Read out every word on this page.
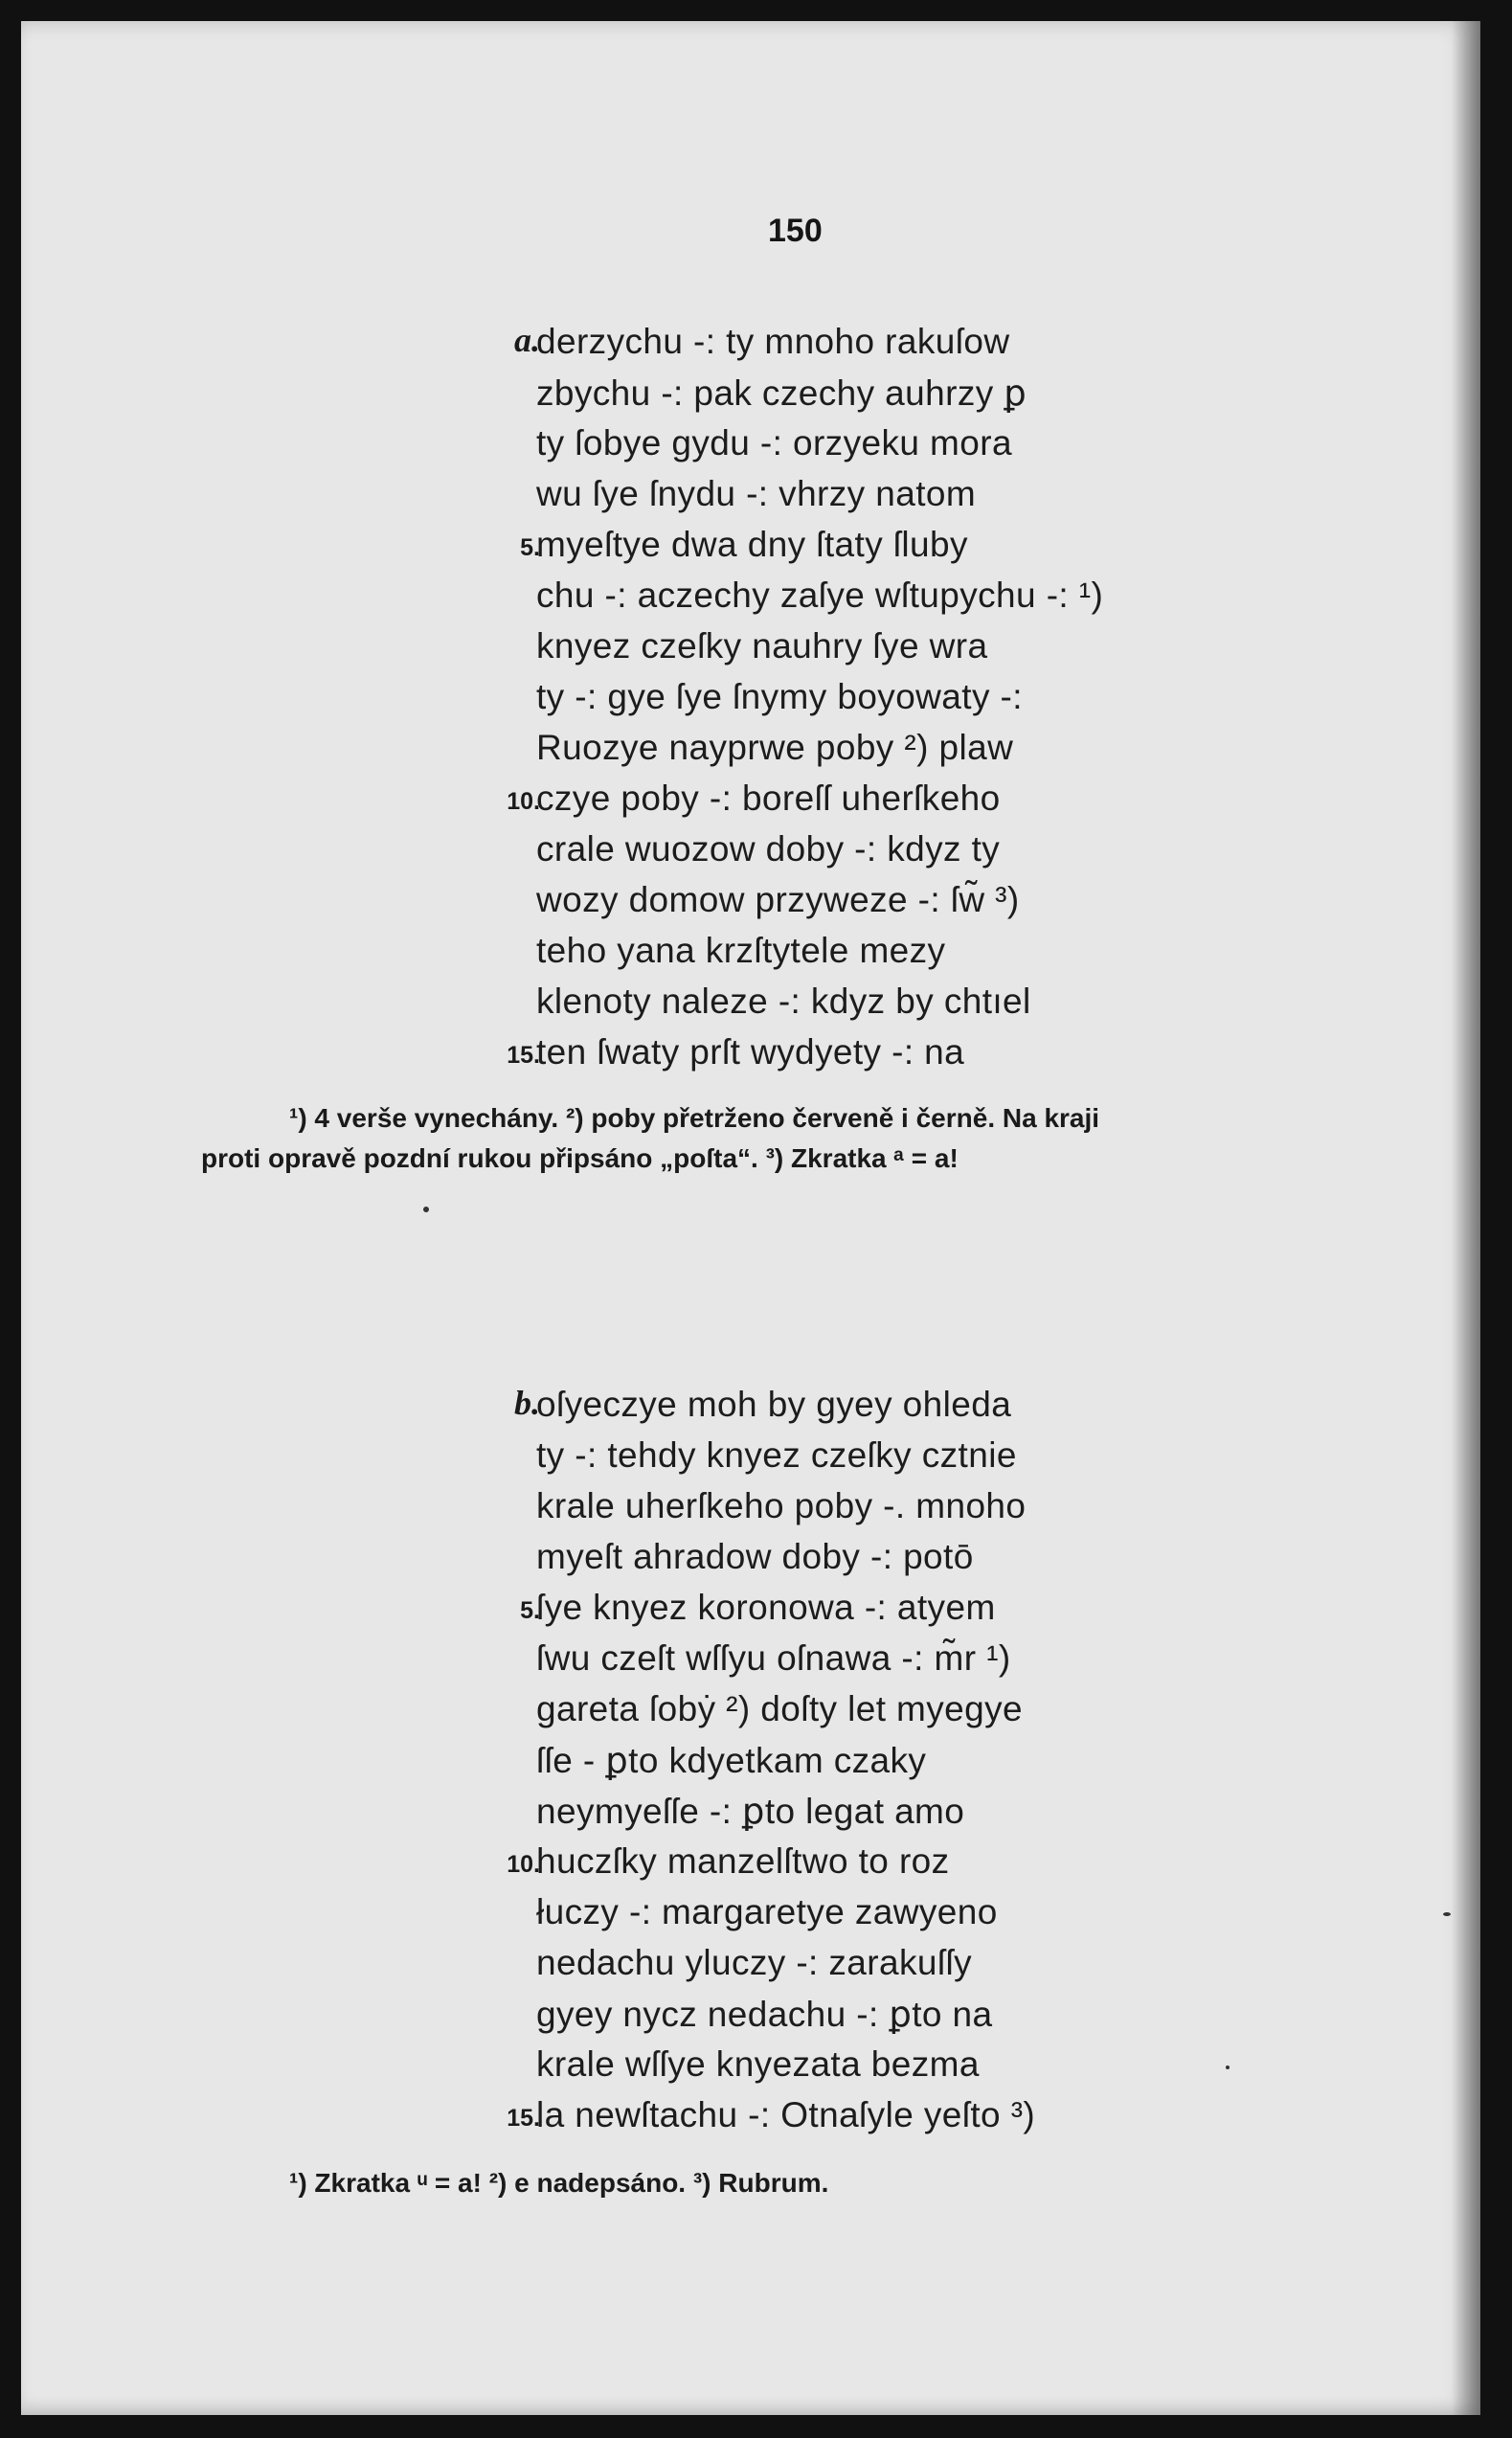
150
a.
derzychu -: ty mnoho rakuſow
zbychu -: pak czechy auhrzy ꝑ
ty ſobye gydu -: orzyeku mora
wu ſye ſnydu -: vhrzy natom
5.
myeſtye dwa dny ſtaty ſluby
chu -: aczechy zaſye wſtupychu -: ¹)
knyez czeſky nauhry ſye wra
ty -: gye ſye ſnymy boyowaty -:
Ruozye nayprwe poby ²) plaw
10.
czye poby -: boreſſ uherſkeho
crale wuozow doby -: kdyz ty
wozy domow przyweze -: ſw̃ ³)
teho yana krzſtytele mezy
klenoty naleze -: kdyz by chtıel
15.
ten ſwaty prſt wydyety -: na
¹) 4 verše vynechány. ²) poby přetrženo červeně i černě. Na kraji
proti opravě pozdní rukou připsáno „poſta“. ³) Zkratka ᵃ = a!
b.
oſyeczye moh by gyey ohleda
ty -: tehdy knyez czeſky cztnie
krale uherſkeho poby -. mnoho
myeſt ahradow doby -: potō
5.
ſye knyez koronowa -: atyem
ſwu czeſt wſſyu oſnawa -: m̃r ¹)
gareta ſobẏ ²) doſty let myegye
ſſe - ꝑto kdyetkam czaky
neymyeſſe -: ꝑto legat amo
10.
huczſky manzelſtwo to roz
łuczy -: margaretye zawyeno
nedachu yluczy -: zarakuſſy
gyey nycz nedachu -: ꝑto na
krale wſſye knyezata bezma
15.
la newſtachu -: Otnaſyle yeſto ³)
¹) Zkratka ᵘ = a! ²) e nadepsáno. ³) Rubrum.
